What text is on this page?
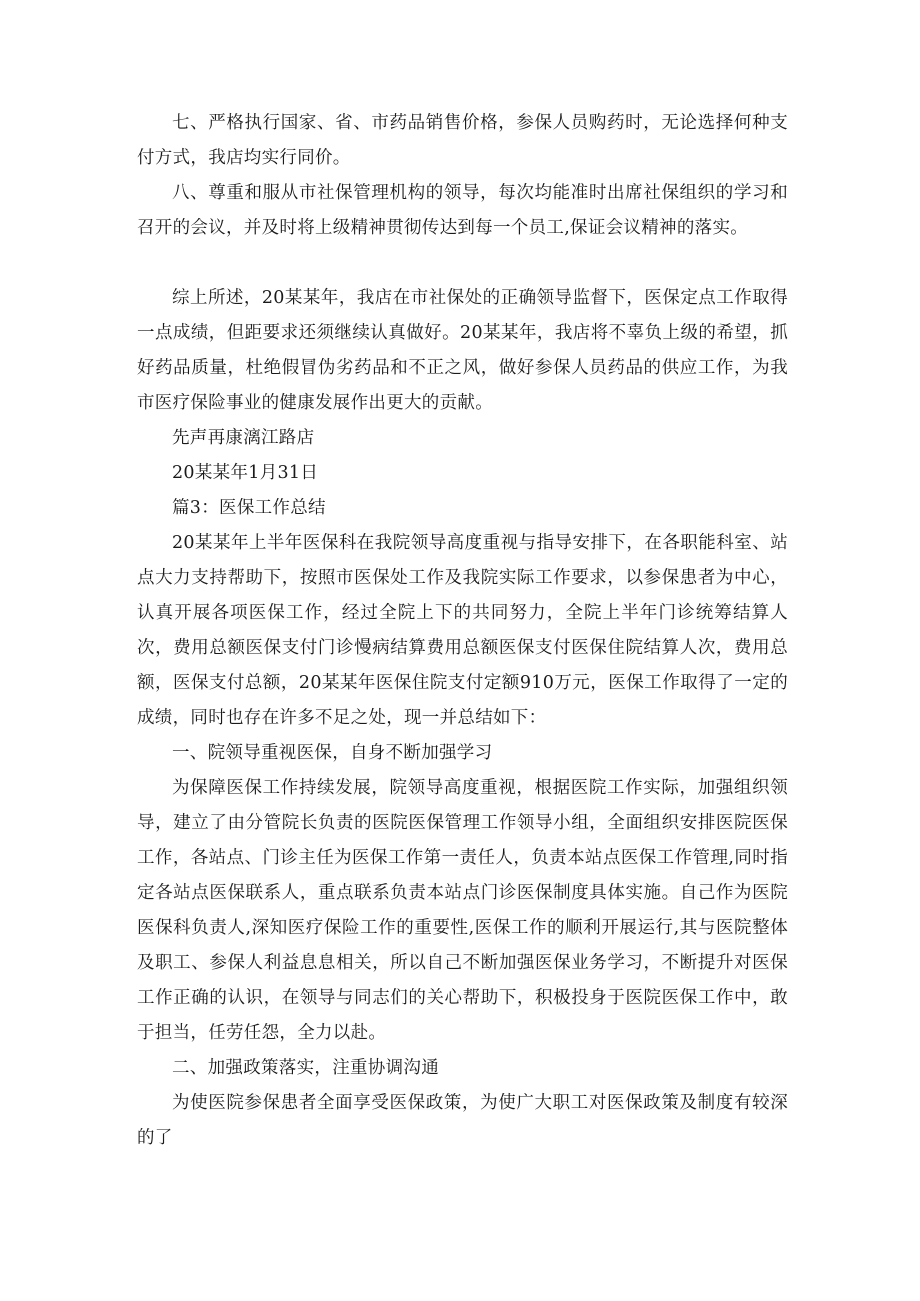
七、严格执行国家、省、市药品销售价格，参保人员购药时，无论选择何种支付方式，我店均实行同价。

八、尊重和服从市社保管理机构的领导，每次均能准时出席社保组织的学习和召开的会议，并及时将上级精神贯彻传达到每一个员工,保证会议精神的落实。

综上所述，20某某年，我店在市社保处的正确领导监督下，医保定点工作取得一点成绩，但距要求还须继续认真做好。20某某年，我店将不辜负上级的希望，抓好药品质量，杜绝假冒伪劣药品和不正之风，做好参保人员药品的供应工作，为我市医疗保险事业的健康发展作出更大的贡献。

先声再康漓江路店

20某某年1月31日

篇3：医保工作总结

20某某年上半年医保科在我院领导高度重视与指导安排下，在各职能科室、站点大力支持帮助下，按照市医保处工作及我院实际工作要求，以参保患者为中心，认真开展各项医保工作，经过全院上下的共同努力，全院上半年门诊统筹结算人次，费用总额医保支付门诊慢病结算费用总额医保支付医保住院结算人次，费用总额，医保支付总额，20某某年医保住院支付定额910万元，医保工作取得了一定的成绩，同时也存在许多不足之处，现一并总结如下：

一、院领导重视医保，自身不断加强学习

为保障医保工作持续发展，院领导高度重视，根据医院工作实际，加强组织领导，建立了由分管院长负责的医院医保管理工作领导小组，全面组织安排医院医保工作，各站点、门诊主任为医保工作第一责任人，负责本站点医保工作管理,同时指定各站点医保联系人，重点联系负责本站点门诊医保制度具体实施。自己作为医院医保科负责人,深知医疗保险工作的重要性,医保工作的顺利开展运行,其与医院整体及职工、参保人利益息息相关，所以自己不断加强医保业务学习，不断提升对医保工作正确的认识，在领导与同志们的关心帮助下，积极投身于医院医保工作中，敢于担当，任劳任怨，全力以赴。

二、加强政策落实，注重协调沟通

为使医院参保患者全面享受医保政策，为使广大职工对医保政策及制度有较深的了
